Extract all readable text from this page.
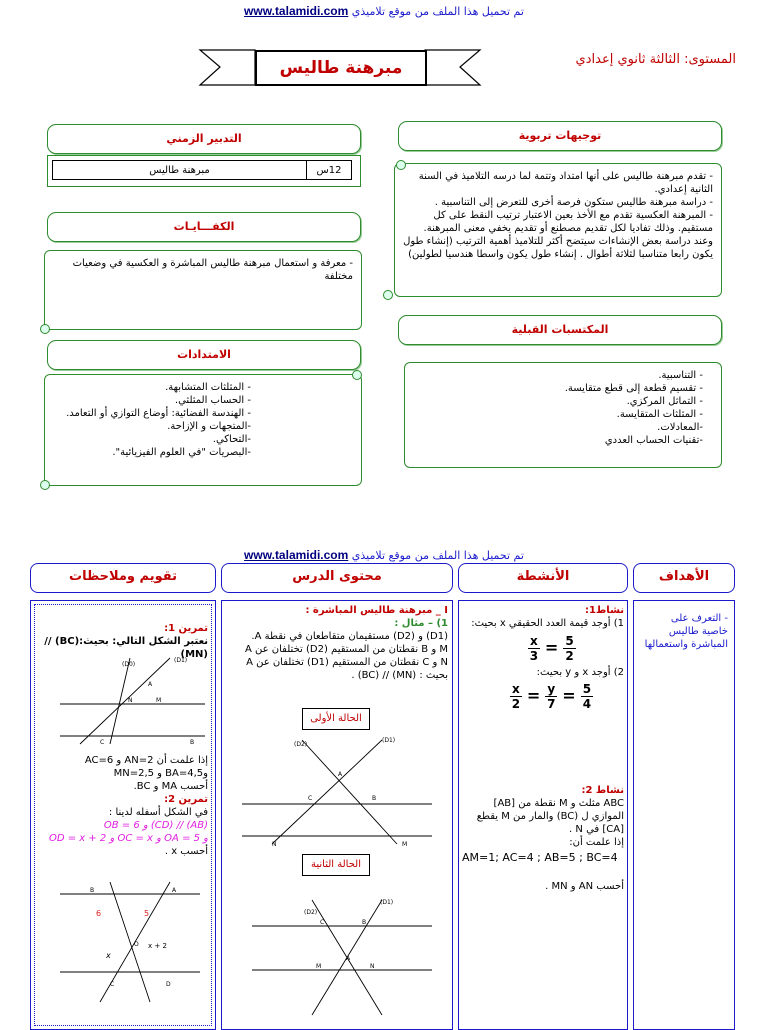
www.talamidi.com تم تحميل هذا الملف من موقع تلاميذي
المستوى: الثالثة ثانوي إعدادي
مبرهنة طاليس
التدبير الزمني
12س	مبرهنة طاليس
الكفـــايـات
- معرفة و استعمال مبرهنة طاليس المباشرة و العكسية في وضعيات مختلفة
الامتدادات
- المثلثات المتشابهة.
- الحساب المثلثي.
- الهندسة الفضائية: أوضاع التوازي أو التعامد.
-المتجهات و الإزاحة.
-التحاكي.
-البصريات "في العلوم الفيزيائية".
توجيهات تربوية
- تقدم مبرهنة طاليس على أنها امتداد وتتمة لما درسه التلاميذ في السنة الثانية إعدادي.
- دراسة مبرهنة طاليس ستكون فرصة أخرى للتعرض إلى التناسبية .
- المبرهنة العكسية تقدم مع الأخذ بعين الاعتبار ترتيب النقط على كل مستقيم. وذلك تفاديا لكل تقديم مصطنع أو تقديم يخفي معنى المبرهنة.
وعند دراسة بعض الإنشاءات سيتضح أكثر للتلاميذ أهمية الترتيب (إنشاء طول يكون رابعا متناسبا لثلاثة أطوال . إنشاء طول يكون واسطا هندسيا لطولين)
المكتسبات القبلية
- التناسبية.
- تقسيم قطعة إلى قطع متقايسة.
- التماثل المركزي.
- المثلثات المتقايسة.
-المعادلات.
-تقنيات الحساب العددي
www.talamidi.com تم تحميل هذا الملف من موقع تلاميذي
تقويم وملاحظات	محتوى الدرس	الأنشطة	الأهداف
- التعرف على خاصية طاليس المباشرة واستعمالها
نشاط1:
1) أوجد قيمة العدد الحقيقي x بحيث:
$\frac{x}{3} = \frac{5}{2}$
2) أوجد x و y بحيث:
$\frac{x}{2} = \frac{y}{7} = \frac{5}{4}$
نشاط 2:
ABC مثلث و M نقطة من [AB] الموازي ل (BC) والمار من M يقطع [CA] في N .
إذا علمت أن:
AM=1; AC=4 ; AB=5 ; BC=4
أحسب AN و MN .
I _ مبرهنة طاليس المباشرة :
1) – مثال :
(D1) و (D2) مستقيمان متقاطعان في نقطة A.
M و B نقطتان من المستقيم (D2) تختلفان عن A
N و C نقطتان من المستقيم (D1) تختلفان عن A
بحيث : (MN) // (BC) .
الحالة الأولى
(D2)
(D1)
A
C	B
N	M
الحالة الثانية
(D2)
(D1)
C	B
A
M	N
تمرين 1:
نعتبر الشكل التالي: بحيث:(BC) // (MN)
(D0)
(D1)
A
N	M
C	B
إذا علمت أن AN=2 و AC=6
وBA=4,5 و MN=2,5
أحسب MA و BC.
تمرين 2:
في الشكل أسفله لدينا :
(AB) // (CD) و OB = 6
و OA = 5 و OC = x و OD = x + 2
أحسب x .
B	A
6	5
O
x
x + 2
C	D
